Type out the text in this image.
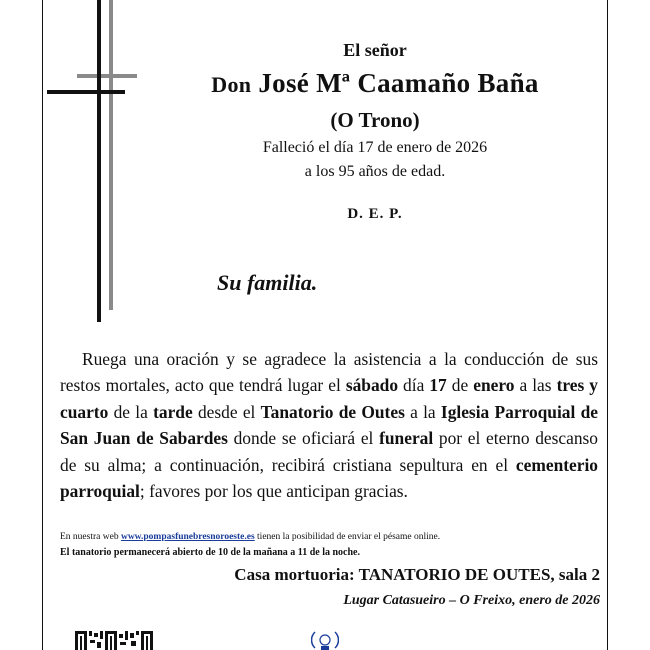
El señor
Don José Mª Caamaño Baña
(O Trono)
Falleció el día 17 de enero de 2026
a los 95 años de edad.
D. E. P.
Su familia.

Ruega una oración y se agradece la asistencia a la conducción de sus restos mortales, acto que tendrá lugar el sábado día 17 de enero a las tres y cuarto de la tarde desde el Tanatorio de Outes a la Iglesia Parroquial de San Juan de Sabardes donde se oficiará el funeral por el eterno descanso de su alma; a continuación, recibirá cristiana sepultura en el cementerio parroquial; favores por los que anticipan gracias.

En nuestra web www.pompasfunebresnoroeste.es tienen la posibilidad de enviar el pésame online.
El tanatorio permanecerá abierto de 10 de la mañana a 11 de la noche.
Casa mortuoria: TANATORIO DE OUTES, sala 2
Lugar Catasueiro – O Freixo, enero de 2026
